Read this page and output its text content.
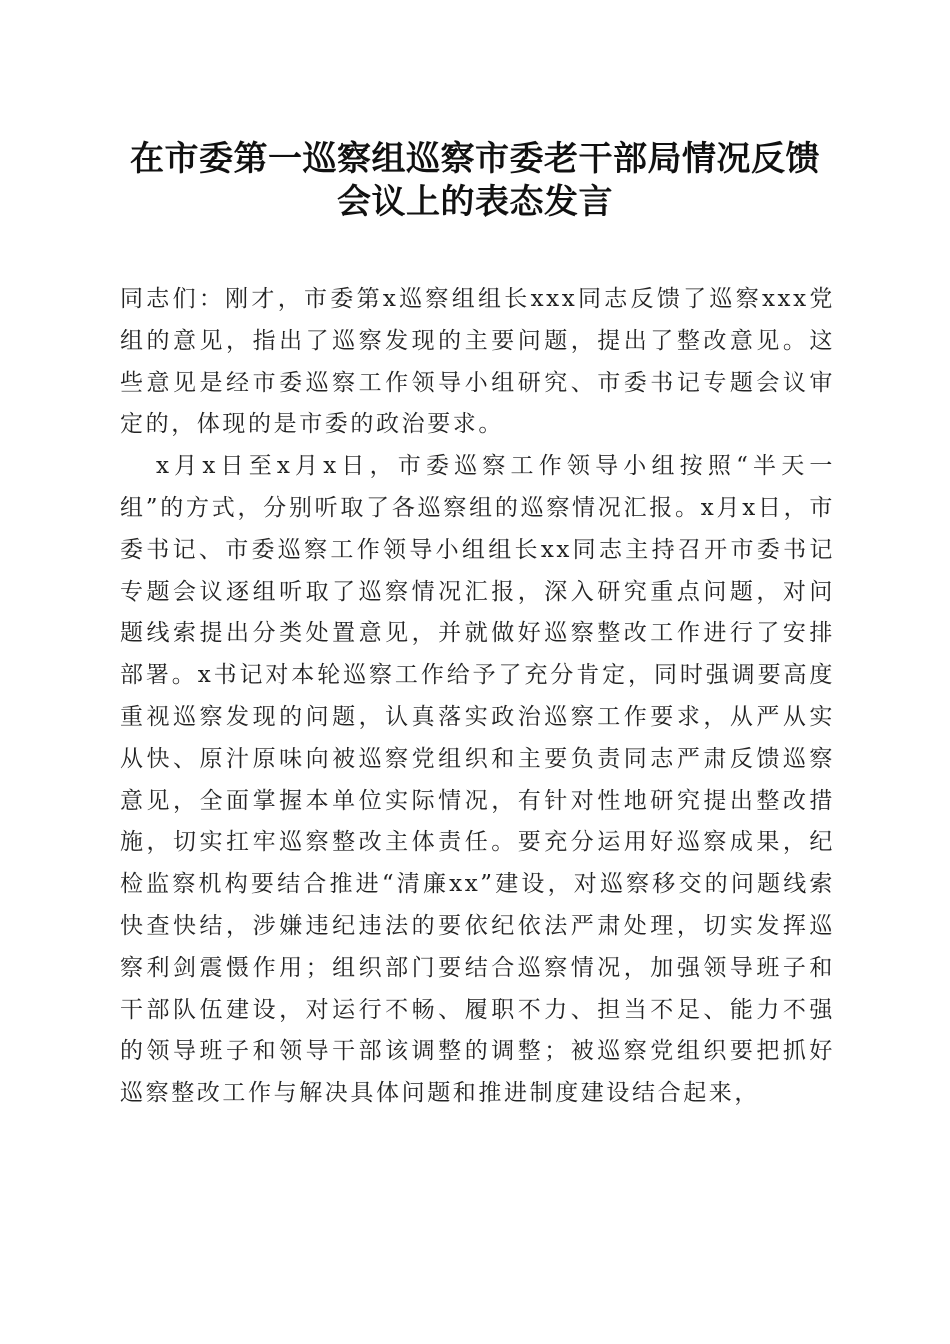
在市委第一巡察组巡察市委老干部局情况反馈
会议上的表态发言

同志们：刚才，市委第x巡察组组长xxx同志反馈了巡察xxx党组的意见，指出了巡察发现的主要问题，提出了整改意见。这些意见是经市委巡察工作领导小组研究、市委书记专题会议审定的，体现的是市委的政治要求。

x月x日至x月x日，市委巡察工作领导小组按照“半天一组”的方式，分别听取了各巡察组的巡察情况汇报。x月x日，市委书记、市委巡察工作领导小组组长xx同志主持召开市委书记专题会议逐组听取了巡察情况汇报，深入研究重点问题，对问题线索提出分类处置意见，并就做好巡察整改工作进行了安排部署。x书记对本轮巡察工作给予了充分肯定，同时强调要高度重视巡察发现的问题，认真落实政治巡察工作要求，从严从实从快、原汁原味向被巡察党组织和主要负责同志严肃反馈巡察意见，全面掌握本单位实际情况，有针对性地研究提出整改措施，切实扛牢巡察整改主体责任。要充分运用好巡察成果，纪检监察机构要结合推进“清廉xx”建设，对巡察移交的问题线索快查快结，涉嫌违纪违法的要依纪依法严肃处理，切实发挥巡察利剑震慑作用；组织部门要结合巡察情况，加强领导班子和干部队伍建设，对运行不畅、履职不力、担当不足、能力不强的领导班子和领导干部该调整的调整；被巡察党组织要把抓好巡察整改工作与解决具体问题和推进制度建设结合起来，
